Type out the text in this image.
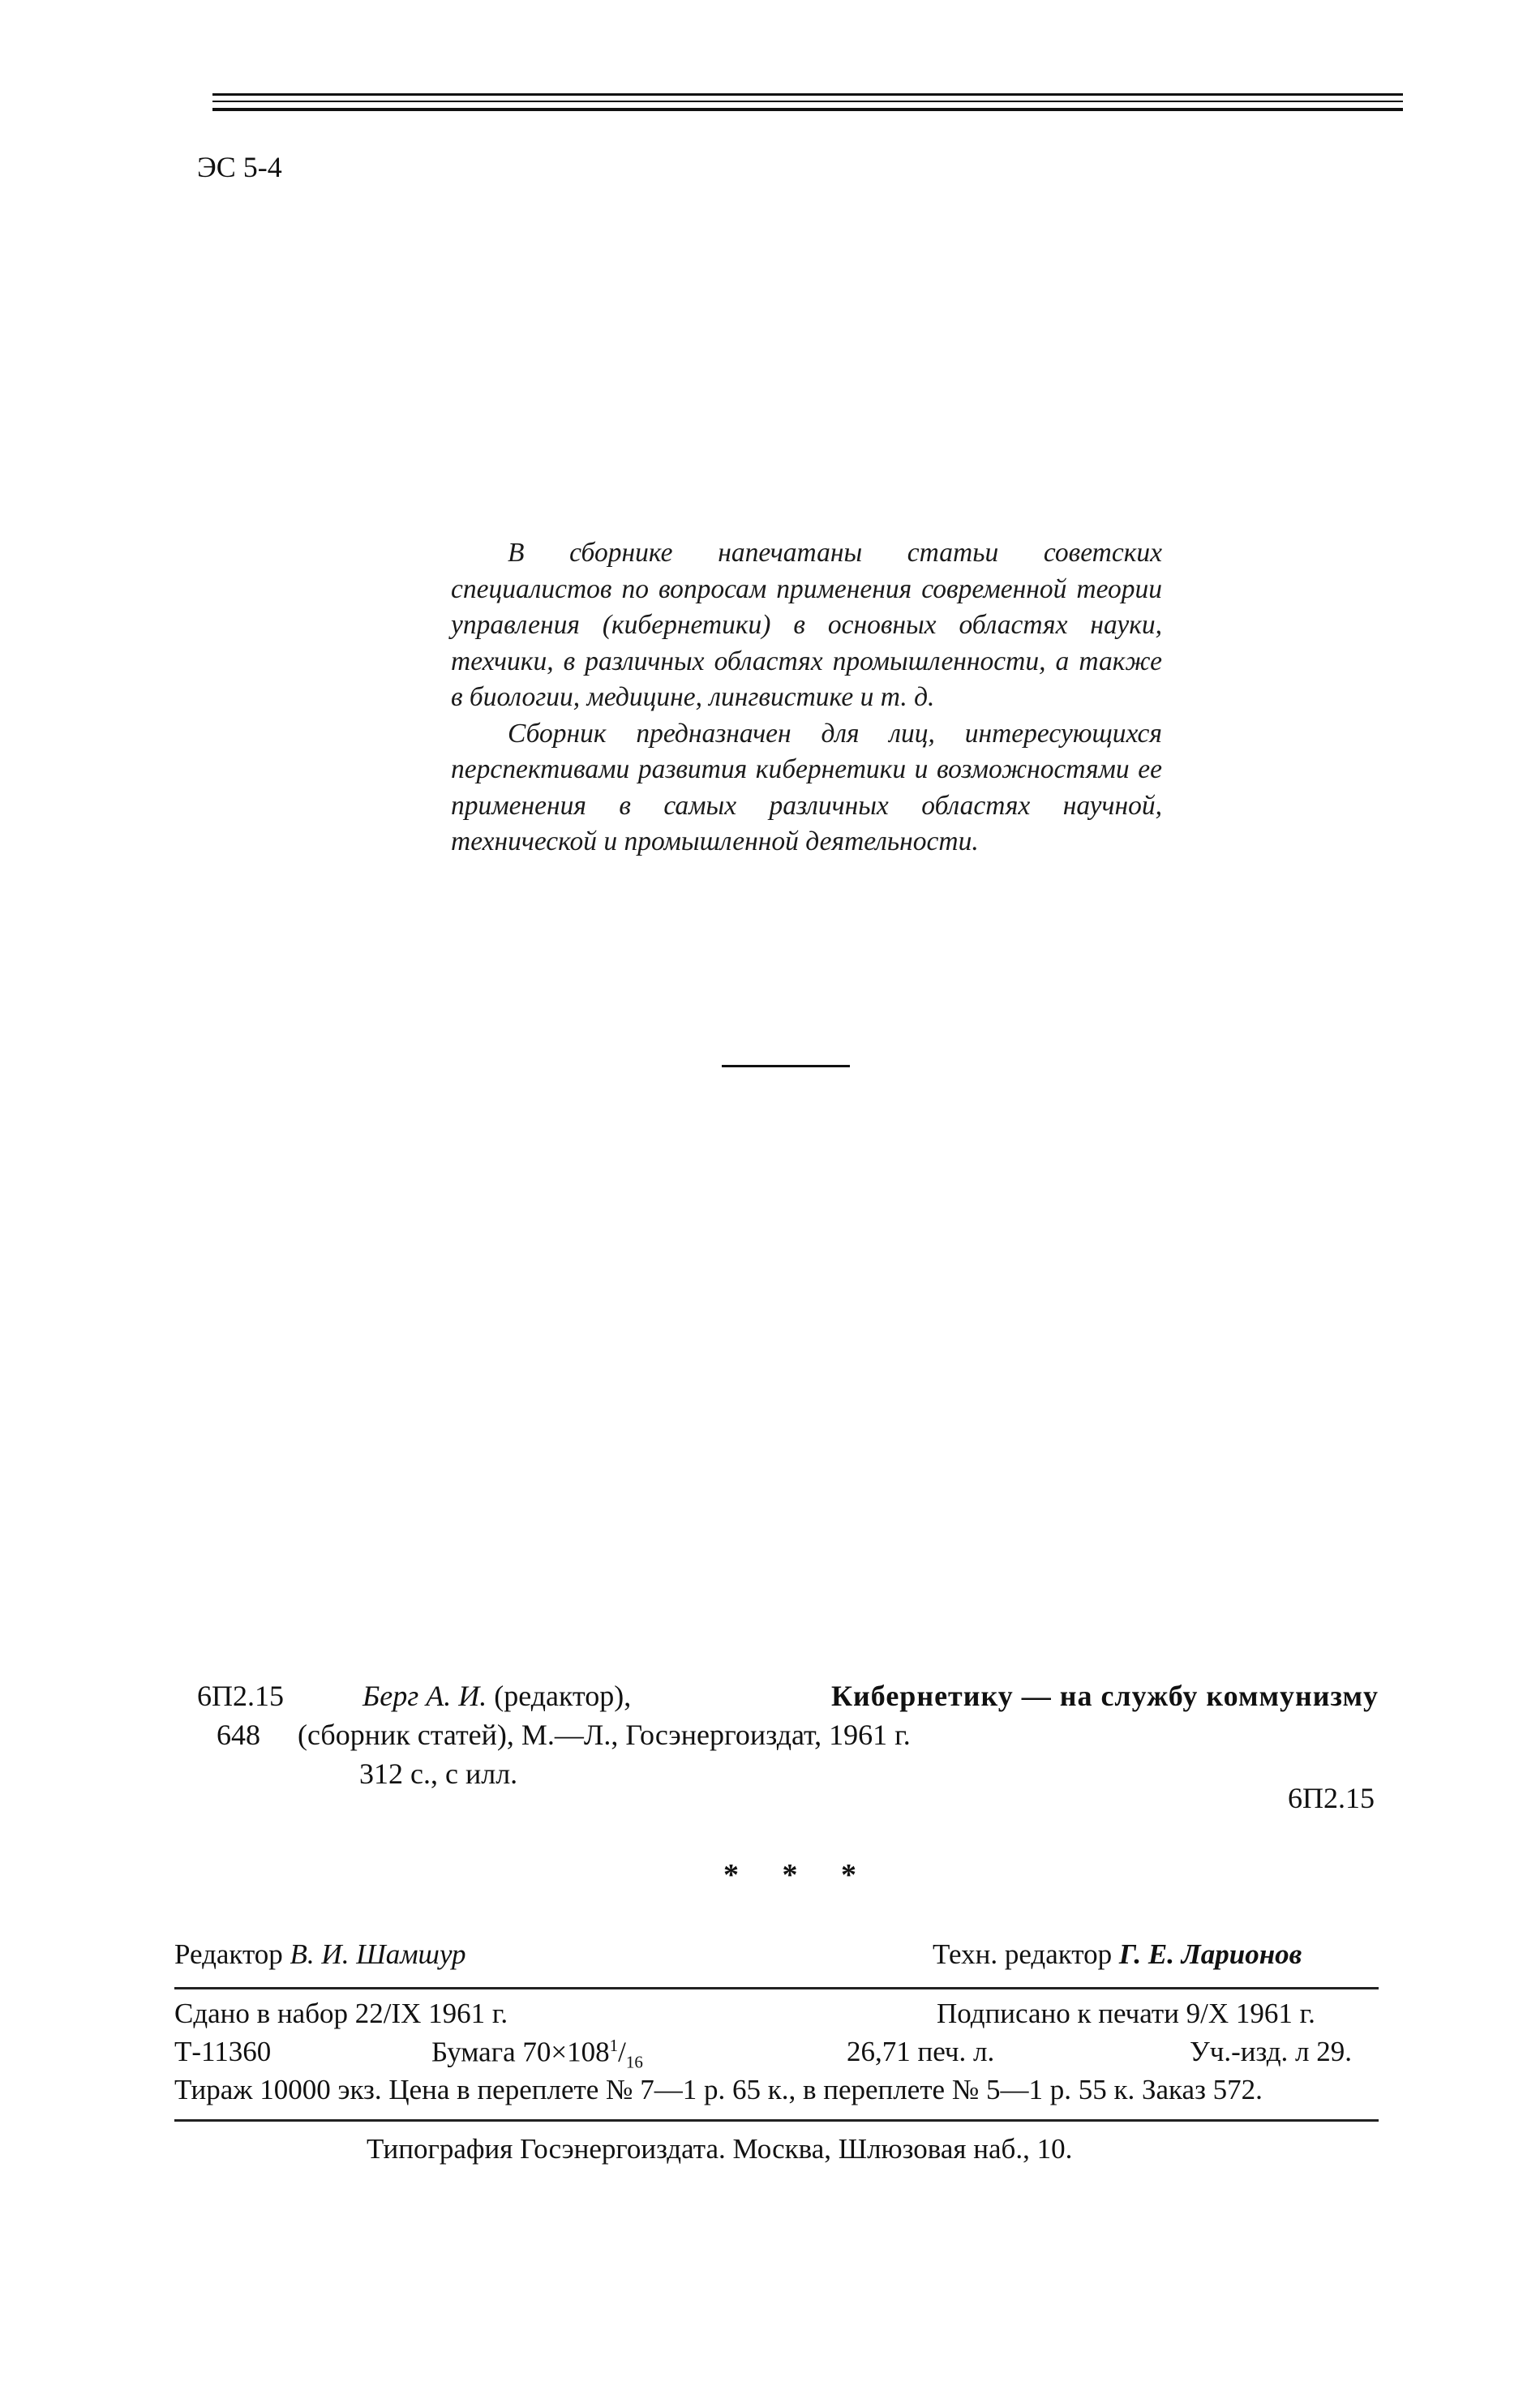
ЭС 5-4

В сборнике напечатаны статьи советских специалистов по вопросам применения современной теории управления (кибернетики) в основных областях науки, техчики, в различных областях промышленности, а также в биологии, медицине, лингвистике и т. д.

Сборник предназначен для лиц, интересующихся перспективами развития кибернетики и возможностями ее применения в самых различных областях научной, технической и промышленной деятельности.

6П2.15
648
Берг А. И. (редактор),	Кибернетику — на службу коммунизму
(сборник статей), М.—Л., Госэнергоиздат, 1961 г.
312 с., с илл.
6П2.15
* * *
Редактор В. И. Шамшур	Техн. редактор Г. Е. Ларионов
Сдано в набор 22/IX 1961 г.	Подписано к печати 9/X 1961 г.
Т-11360	Бумага $70\times 108^1/_{16}$	26,71 печ. л.	Уч.-изд. л 29.
Тираж 10000 экз. Цена в переплете № 7—1 р. 65 к., в переплете № 5—1 р. 55 к. Заказ 572.
Типография Госэнергоиздата. Москва, Шлюзовая наб., 10.
